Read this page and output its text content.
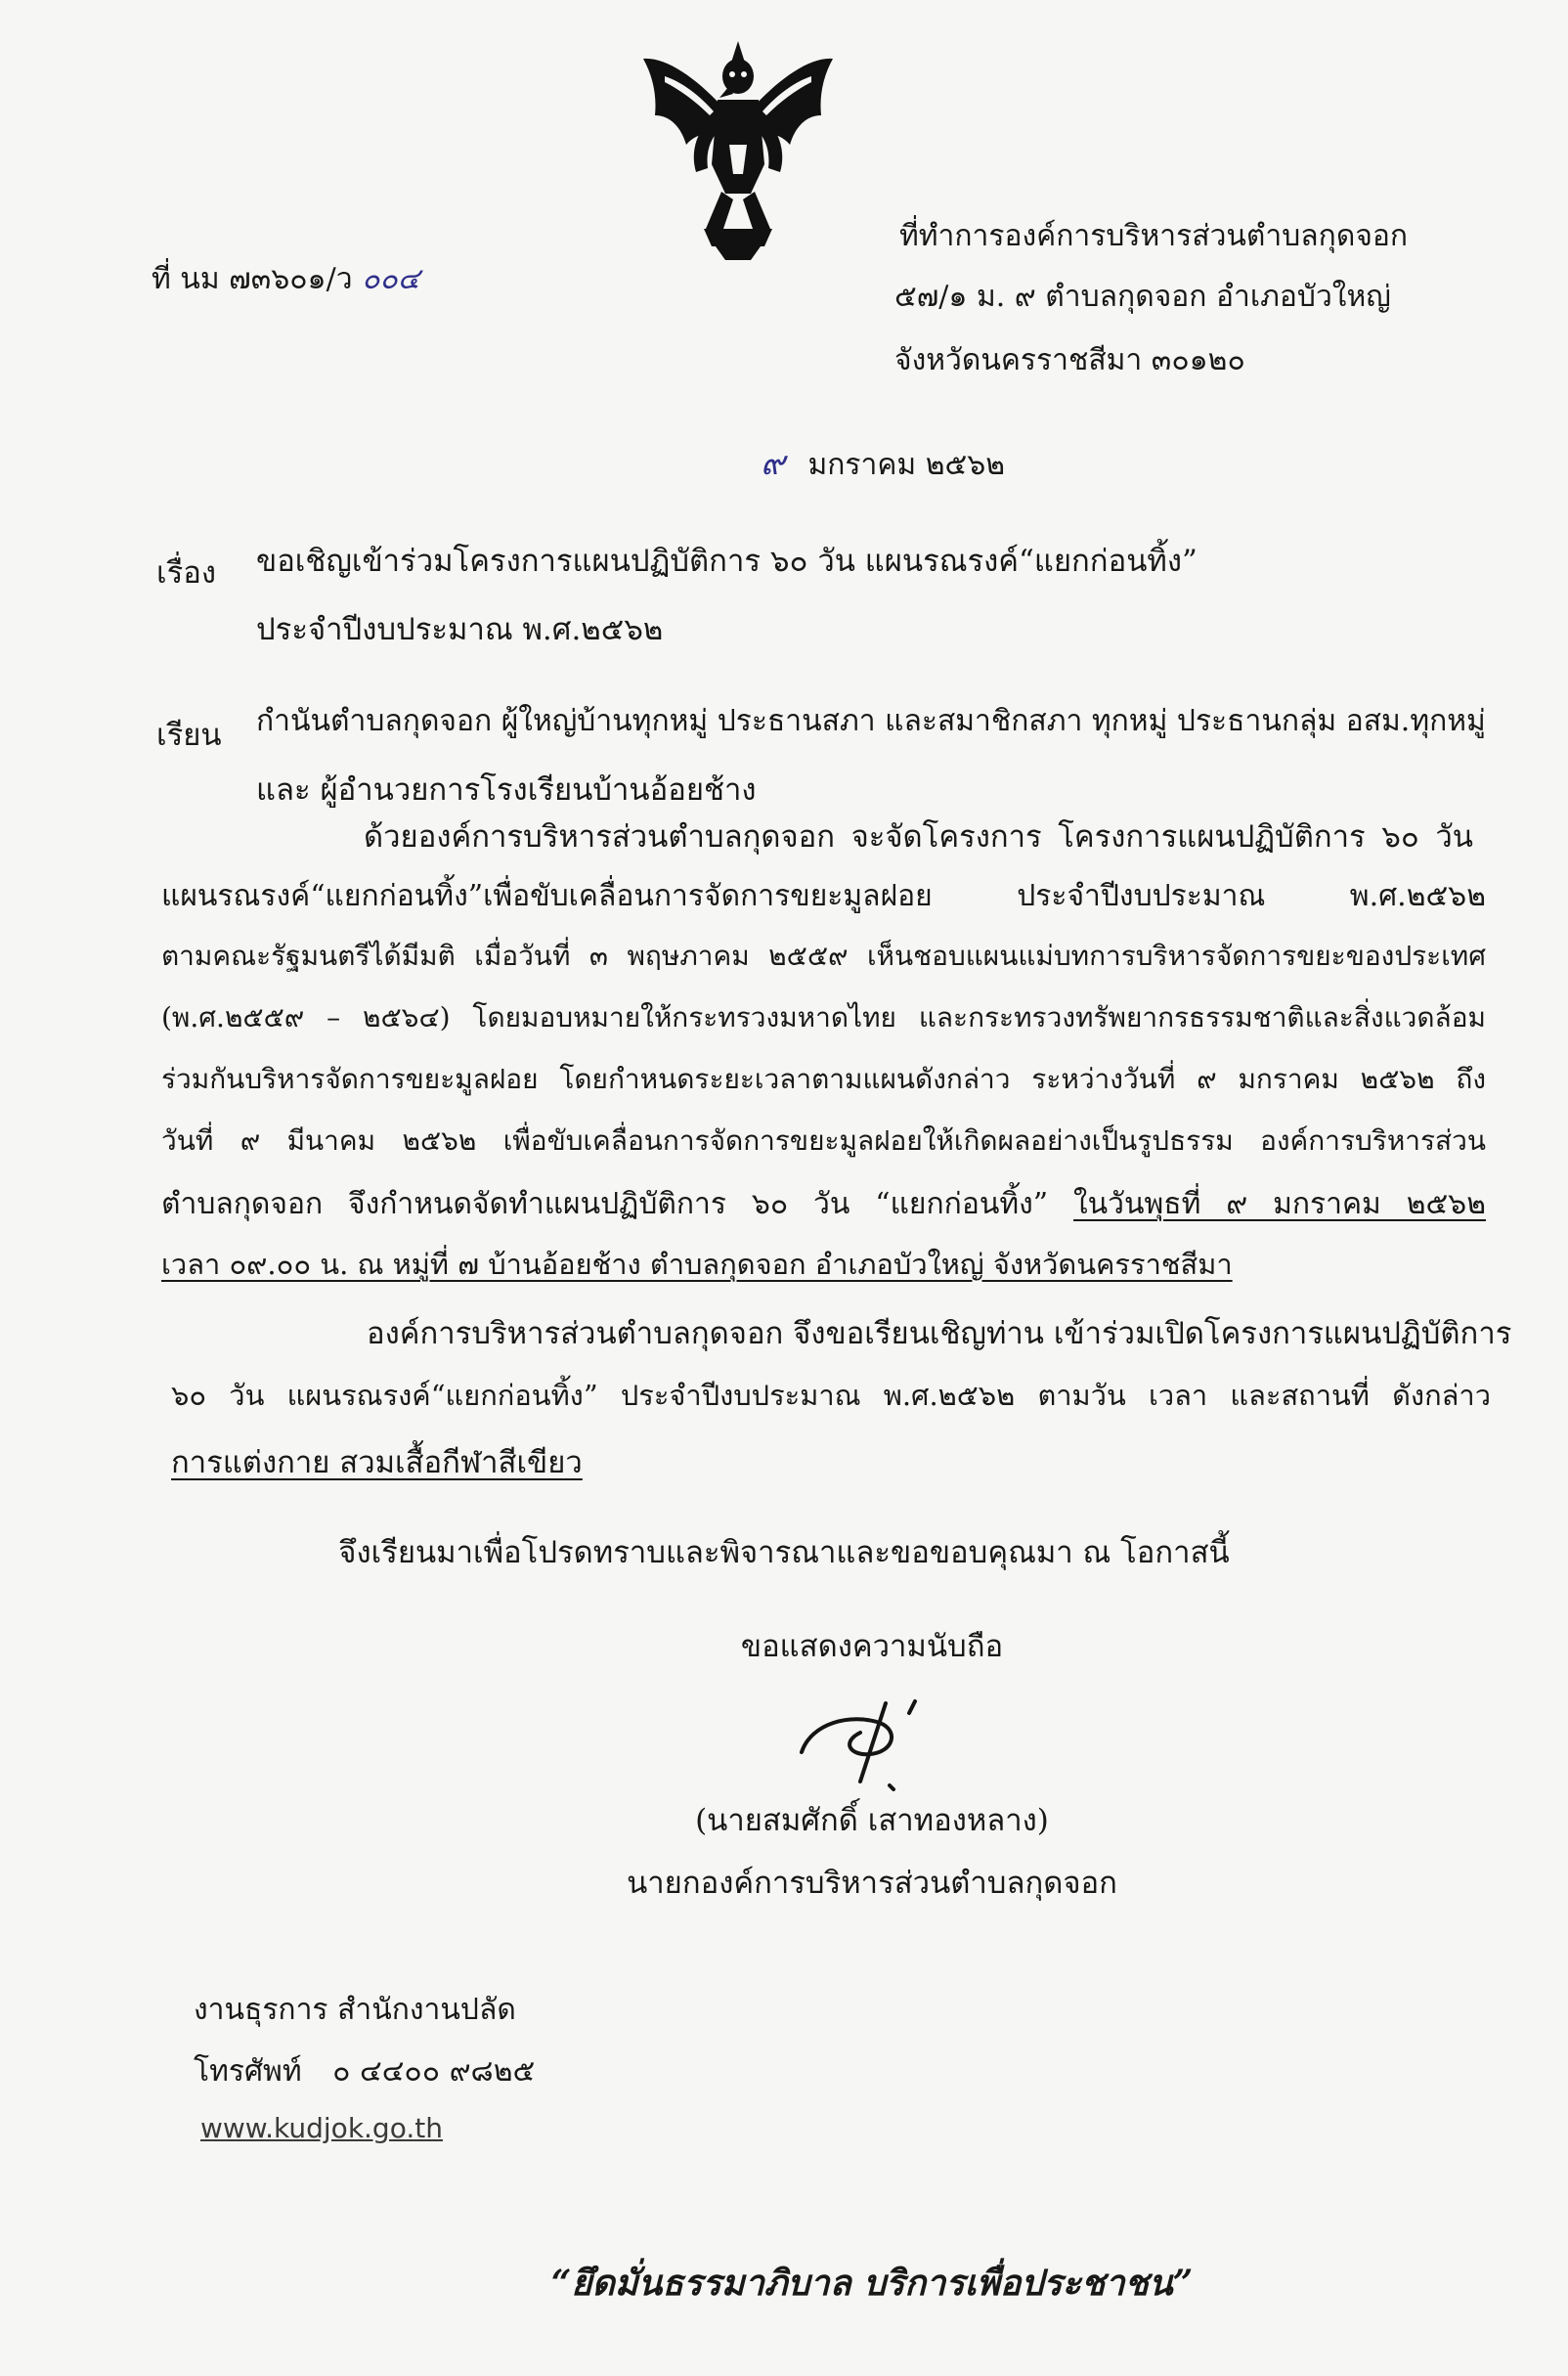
ที่ นม ๗๓๖๐๑/ว ๐๐๔
ที่ทำการองค์การบริหารส่วนตำบลกุดจอก
๕๗/๑ ม. ๙ ตำบลกุดจอก อำเภอบัวใหญ่
จังหวัดนครราชสีมา ๓๐๑๒๐
๙ มกราคม ๒๕๖๒
เรื่อง ขอเชิญเข้าร่วมโครงการแผนปฏิบัติการ ๖๐ วัน แผนรณรงค์“แยกก่อนทิ้ง”
ประจำปีงบประมาณ พ.ศ.๒๕๖๒
เรียน กำนันตำบลกุดจอก ผู้ใหญ่บ้านทุกหมู่ ประธานสภา และสมาชิกสภา ทุกหมู่ ประธานกลุ่ม อสม.ทุกหมู่
และ ผู้อำนวยการโรงเรียนบ้านอ้อยช้าง
ด้วยองค์การบริหารส่วนตำบลกุดจอก จะจัดโครงการ โครงการแผนปฏิบัติการ ๖๐ วัน
แผนรณรงค์“แยกก่อนทิ้ง”เพื่อขับเคลื่อนการจัดการขยะมูลฝอย ประจำปีงบประมาณ พ.ศ.๒๕๖๒
ตามคณะรัฐมนตรีได้มีมติ เมื่อวันที่ ๓ พฤษภาคม ๒๕๕๙ เห็นชอบแผนแม่บทการบริหารจัดการขยะของประเทศ
(พ.ศ.๒๕๕๙ – ๒๕๖๔) โดยมอบหมายให้กระทรวงมหาดไทย และกระทรวงทรัพยากรธรรมชาติและสิ่งแวดล้อม
ร่วมกันบริหารจัดการขยะมูลฝอย โดยกำหนดระยะเวลาตามแผนดังกล่าว ระหว่างวันที่ ๙ มกราคม ๒๕๖๒ ถึง
วันที่ ๙ มีนาคม ๒๕๖๒ เพื่อขับเคลื่อนการจัดการขยะมูลฝอยให้เกิดผลอย่างเป็นรูปธรรม องค์การบริหารส่วน
ตำบลกุดจอก จึงกำหนดจัดทำแผนปฏิบัติการ ๖๐ วัน “แยกก่อนทิ้ง” ในวันพุธที่ ๙ มกราคม ๒๕๖๒
เวลา ๐๙.๐๐ น. ณ หมู่ที่ ๗ บ้านอ้อยช้าง ตำบลกุดจอก อำเภอบัวใหญ่ จังหวัดนครราชสีมา
องค์การบริหารส่วนตำบลกุดจอก จึงขอเรียนเชิญท่าน เข้าร่วมเปิดโครงการแผนปฏิบัติการ
๖๐ วัน แผนรณรงค์“แยกก่อนทิ้ง” ประจำปีงบประมาณ พ.ศ.๒๕๖๒ ตามวัน เวลา และสถานที่ ดังกล่าว
การแต่งกาย สวมเสื้อกีฬาสีเขียว
จึงเรียนมาเพื่อโปรดทราบและพิจารณาและขอขอบคุณมา ณ โอกาสนี้
ขอแสดงความนับถือ
(นายสมศักดิ์ เสาทองหลาง)
นายกองค์การบริหารส่วนตำบลกุดจอก
งานธุรการ สำนักงานปลัด
โทรศัพท์ ๐ ๔๔๐๐ ๙๘๒๕
www.kudjok.go.th
“ยึดมั่นธรรมาภิบาล บริการเพื่อประชาชน”
